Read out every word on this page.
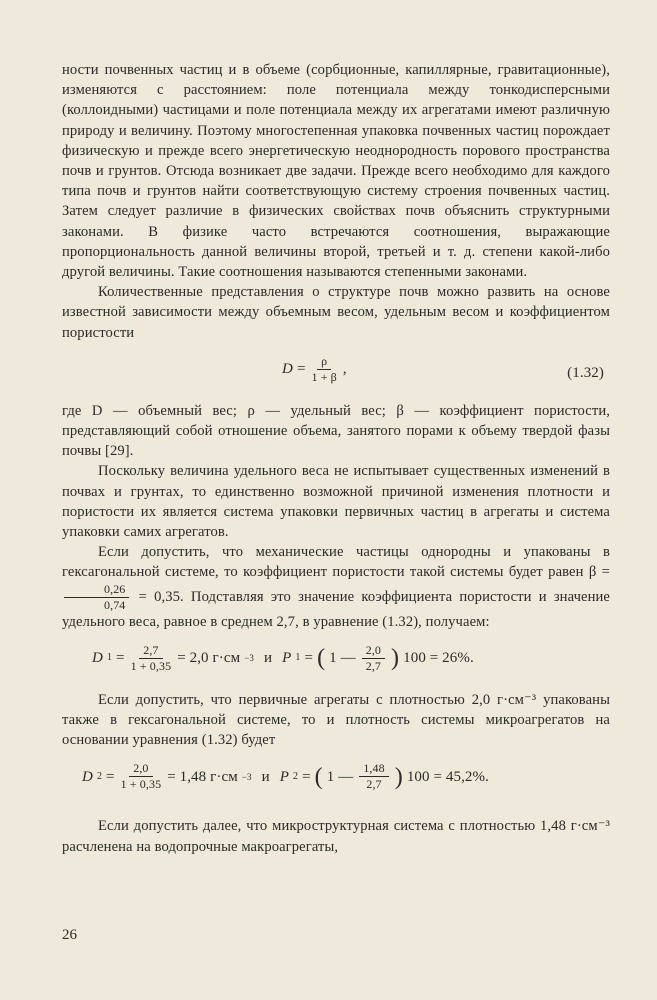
ности почвенных частиц и в объеме (сорбционные, капиллярные, гравитационные), изменяются с расстоянием: поле потенциала между тонкодисперсными (коллоидными) частицами и поле потенциала между их агрегатами имеют различную природу и величину. Поэтому многостепенная упаковка почвенных частиц порождает физическую и прежде всего энергетическую неоднородность порового пространства почв и грунтов. Отсюда возникает две задачи. Прежде всего необходимо для каждого типа почв и грунтов найти соответствующую систему строения почвенных частиц. Затем следует различие в физических свойствах почв объяснить структурными законами. В физике часто встречаются соотношения, выражающие пропорциональность данной величины второй, третьей и т. д. степени какой-либо другой величины. Такие соотношения называются степенными законами.

Количественные представления о структуре почв можно развить на основе известной зависимости между объемным весом, удельным весом и коэффициентом пористости

$D = \frac{\rho}{1 + \beta}$ ,	(1.32)

где D — объемный вес; ρ — удельный вес; β — коэффициент пористости, представляющий собой отношение объема, занятого порами к объему твердой фазы почвы [29].

Поскольку величина удельного веса не испытывает существенных изменений в почвах и грунтах, то единственно возможной причиной изменения плотности и пористости их является система упаковки первичных частиц в агрегаты и система упаковки самих агрегатов.

Если допустить, что механические частицы однородны и упакованы в гексагональной системе, то коэффициент пористости такой системы будет равен β =
$\frac{0,26}{0,74} = 0,35$. Подставляя это значение коэффициента пористости и значение удельного веса, равное в среднем 2,7, в уравнение (1.32), получаем:

D $1 = \frac{2,7}{1 + 0,35} = 2,0$ г·см −3 и P 1 = ( 1 — $\frac{2,0}{2,7}$ ) 100 = 26%.

Если допустить, что первичные агрегаты с плотностью 2,0 г·см⁻³ упакованы также в гексагональной системе, то и плотность системы микроагрегатов на основании уравнения (1.32) будет

D $2 = \frac{2,0}{1 + 0,35} = 1,48$ г·см −3 и P 2 = ( 1 — $\frac{1,48}{2,7}$ ) 100 = 45,2%.

Если допустить далее, что микроструктурная система с плотностью 1,48 г·см⁻³ расчленена на водопрочные макроагрегаты,

26
